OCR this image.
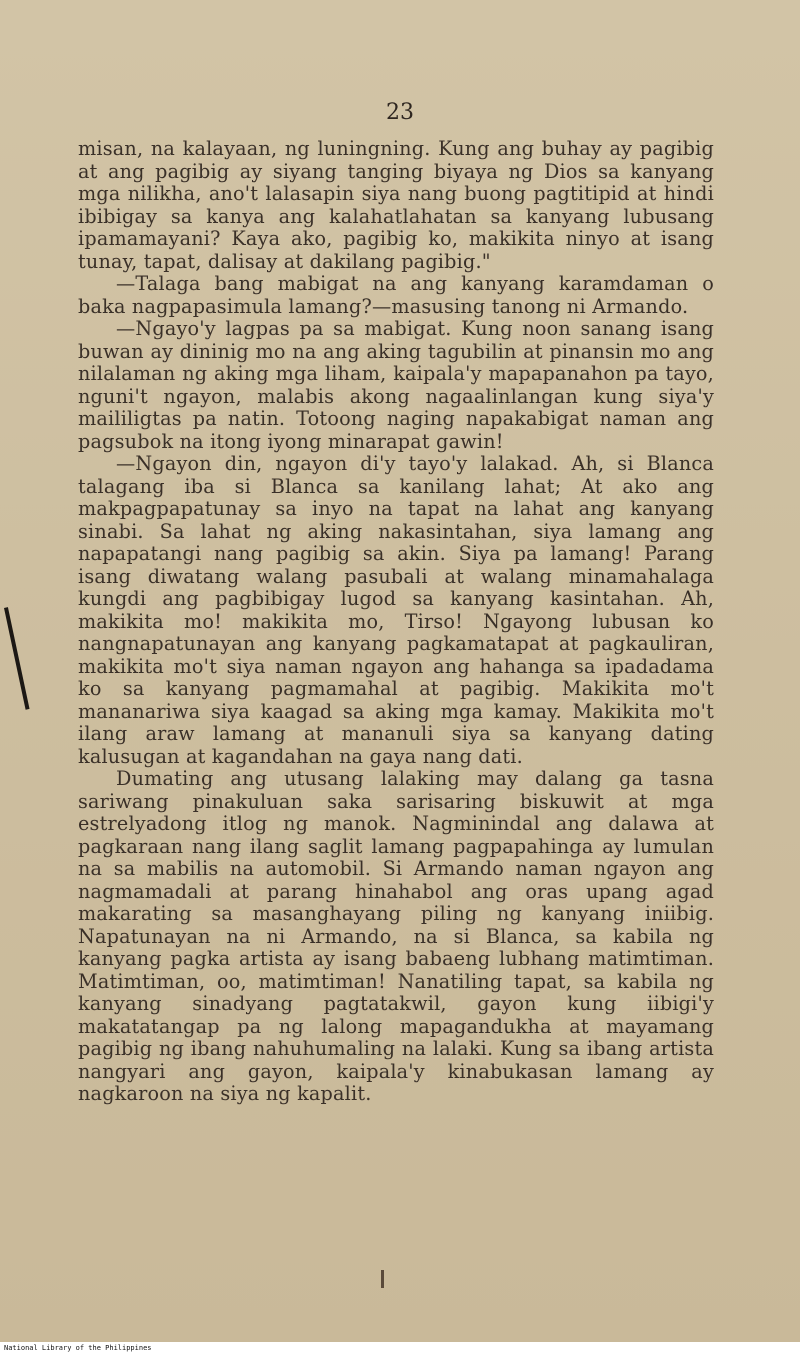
23

misan, na kalayaan, ng luningning. Kung ang buhay ay pagibig at ang pagibig ay siyang tanging biyaya ng Dios sa kanyang mga nilikha, ano't lalasapin siya nang buong pagtitipid at hindi ibibigay sa kanya ang kalahatlahatan sa kanyang lubusang ipamamayani? Kaya ako, pagibig ko, makikita ninyo at isang tunay, tapat, dalisay at dakilang pagibig."

—Talaga bang mabigat na ang kanyang karamdaman o baka nagpapasimula lamang?—masusing tanong ni Armando.

—Ngayo'y lagpas pa sa mabigat. Kung noon sanang isang buwan ay dininig mo na ang aking tagubilin at pinansin mo ang nilalaman ng aking mga liham, kaipala'y mapapanahon pa tayo, nguni't ngayon, malabis akong nagaalinlangan kung siya'y maililigtas pa natin. Totoong naging napakabigat naman ang pagsubok na itong iyong minarapat gawin!

—Ngayon din, ngayon di'y tayo'y lalakad. Ah, si Blanca talagang iba si Blanca sa kanilang lahat; At ako ang makpagpapatunay sa inyo na tapat na lahat ang kanyang sinabi. Sa lahat ng aking nakasintahan, siya lamang ang napapatangi nang pagibig sa akin. Siya pa lamang! Parang isang diwatang walang pasubali at walang minamahalaga kungdi ang pagbibigay lugod sa kanyang kasintahan. Ah, makikita mo! makikita mo, Tirso! Ngayong lubusan ko nangnapatunayan ang kanyang pagkamatapat at pagkauliran, makikita mo't siya naman ngayon ang hahanga sa ipadadama ko sa kanyang pagmamahal at pagibig. Makikita mo't mananariwa siya kaagad sa aking mga kamay. Makikita mo't ilang araw lamang at mananuli siya sa kanyang dating kalusugan at kagandahan na gaya nang dati.

Dumating ang utusang lalaking may dalang ga tasna sariwang pinakuluan saka sarisaring biskuwit at mga estrelyadong itlog ng manok. Nagminindal ang dalawa at pagkaraan nang ilang saglit lamang pagpapahinga ay lumulan na sa mabilis na automobil. Si Armando naman ngayon ang nagmamadali at parang hinahabol ang oras upang agad makarating sa masanghayang piling ng kanyang iniibig. Napatunayan na ni Armando, na si Blanca, sa kabila ng kanyang pagka artista ay isang babaeng lubhang matimtiman. Matimtiman, oo, matimtiman! Nanatiling tapat, sa kabila ng kanyang sinadyang pagtatakwil, gayon kung iibigi'y makatatangap pa ng lalong mapagandukha at mayamang pagibig ng ibang nahuhumaling na lalaki. Kung sa ibang artista nangyari ang gayon, kaipala'y kinabukasan lamang ay nagkaroon na siya ng kapalit.

National Library of the Philippines
